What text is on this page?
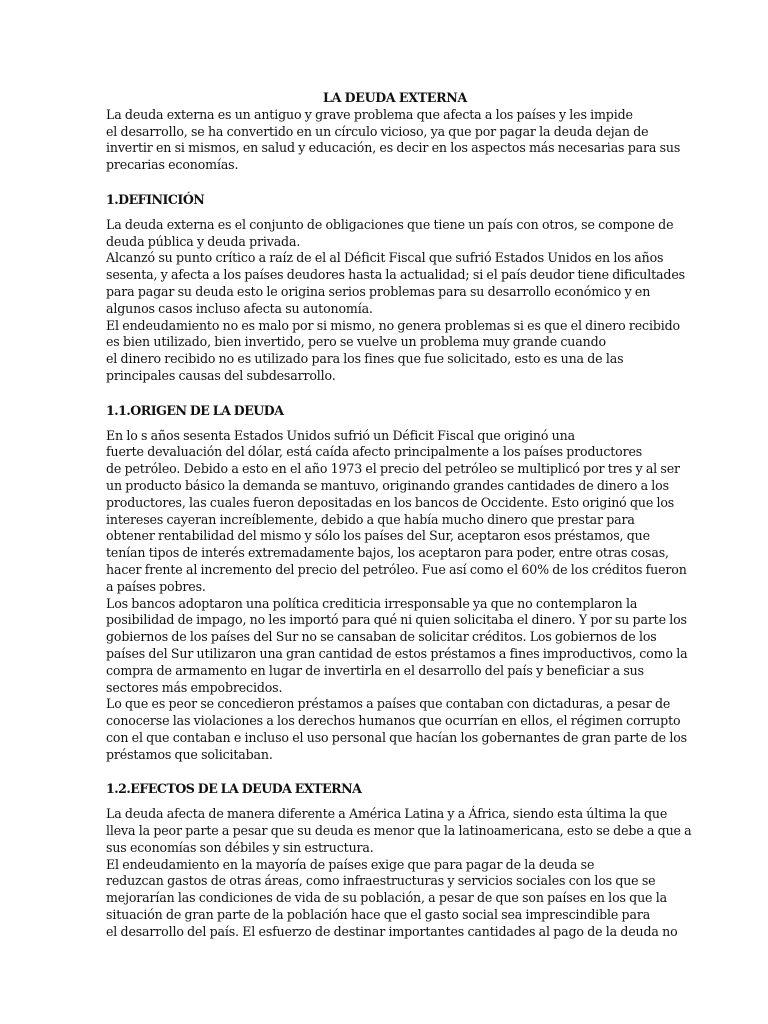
LA DEUDA EXTERNA
La deuda externa es un antiguo y grave problema que afecta a los países y les impide
el desarrollo, se ha convertido en un círculo vicioso, ya que por pagar la deuda dejan de
invertir en si mismos, en salud y educación, es decir en los aspectos más necesarias para sus
precarias economías.
1.DEFINICIÓN
La deuda externa es el conjunto de obligaciones que tiene un país con otros, se compone de
deuda pública y deuda privada.
Alcanzó su punto crítico a raíz de el al Déficit Fiscal que sufrió Estados Unidos en los años
sesenta, y afecta a los países deudores hasta la actualidad; si el país deudor tiene dificultades
para pagar su deuda esto le origina serios problemas para su desarrollo económico y en
algunos casos incluso afecta su autonomía.
El endeudamiento no es malo por si mismo, no genera problemas si es que el dinero recibido
es bien utilizado, bien invertido, pero se vuelve un problema muy grande cuando
el dinero recibido no es utilizado para los fines que fue solicitado, esto es una de las
principales causas del subdesarrollo.
1.1.ORIGEN DE LA DEUDA
En lo s años sesenta Estados Unidos sufrió un Déficit Fiscal que originó una
fuerte devaluación del dólar, está caída afecto principalmente a los países productores
de petróleo. Debido a esto en el año 1973 el precio del petróleo se multiplicó por tres y al ser
un producto básico la demanda se mantuvo, originando grandes cantidades de dinero a los
productores, las cuales fueron depositadas en los bancos de Occidente. Esto originó que los
intereses cayeran increíblemente, debido a que había mucho dinero que prestar para
obtener rentabilidad del mismo y sólo los países del Sur, aceptaron esos préstamos, que
tenían tipos de interés extremadamente bajos, los aceptaron para poder, entre otras cosas,
hacer frente al incremento del precio del petróleo. Fue así como el 60% de los créditos fueron
a países pobres.
Los bancos adoptaron una política crediticia irresponsable ya que no contemplaron la
posibilidad de impago, no les importó para qué ni quien solicitaba el dinero. Y por su parte los
gobiernos de los países del Sur no se cansaban de solicitar créditos. Los gobiernos de los
países del Sur utilizaron una gran cantidad de estos préstamos a fines improductivos, como la
compra de armamento en lugar de invertirla en el desarrollo del país y beneficiar a sus
sectores más empobrecidos.
Lo que es peor se concedieron préstamos a países que contaban con dictaduras, a pesar de
conocerse las violaciones a los derechos humanos que ocurrían en ellos, el régimen corrupto
con el que contaban e incluso el uso personal que hacían los gobernantes de gran parte de los
préstamos que solicitaban.
1.2.EFECTOS DE LA DEUDA EXTERNA
La deuda afecta de manera diferente a América Latina y a África, siendo esta última la que
lleva la peor parte a pesar que su deuda es menor que la latinoamericana, esto se debe a que a
sus economías son débiles y sin estructura.
El endeudamiento en la mayoría de países exige que para pagar de la deuda se
reduzcan gastos de otras áreas, como infraestructuras y servicios sociales con los que se
mejorarían las condiciones de vida de su población, a pesar de que son países en los que la
situación de gran parte de la población hace que el gasto social sea imprescindible para
el desarrollo del país. El esfuerzo de destinar importantes cantidades al pago de la deuda no
